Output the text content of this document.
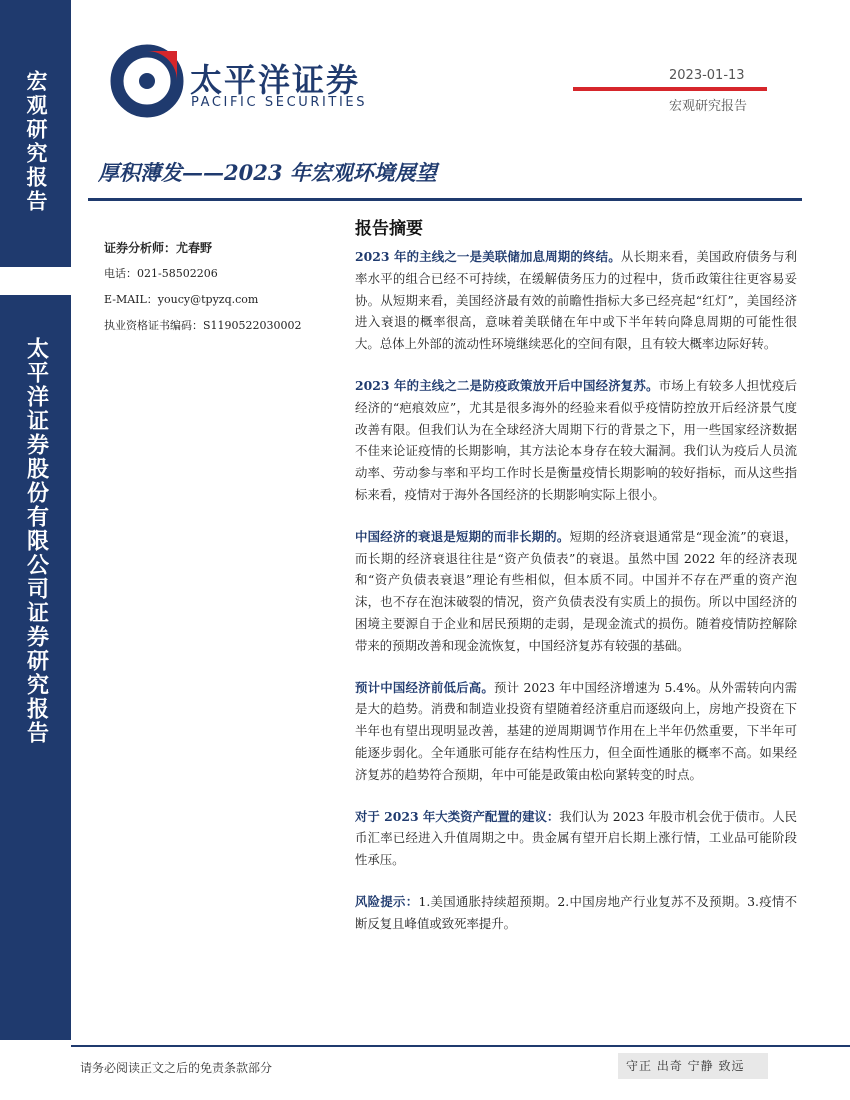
宏观研究报告
太平洋证券股份有限公司证券研究报告
太平洋证券
PACIFIC SECURITIES
2023-01-13
宏观研究报告
厚积薄发——2023 年宏观环境展望
证券分析师：尤春野
电话：021-58502206
E-MAIL：youcy@tpyzq.com
执业资格证书编码：S1190522030002
报告摘要

2023 年的主线之一是美联储加息周期的终结。从长期来看，美国政府债务与利率水平的组合已经不可持续，在缓解债务压力的过程中，货币政策往往更容易妥协。从短期来看，美国经济最有效的前瞻性指标大多已经亮起“红灯”，美国经济进入衰退的概率很高，意味着美联储在年中或下半年转向降息周期的可能性很大。总体上外部的流动性环境继续恶化的空间有限，且有较大概率边际好转。

2023 年的主线之二是防疫政策放开后中国经济复苏。市场上有较多人担忧疫后经济的“疤痕效应”，尤其是很多海外的经验来看似乎疫情防控放开后经济景气度改善有限。但我们认为在全球经济大周期下行的背景之下，用一些国家经济数据不佳来论证疫情的长期影响，其方法论本身存在较大漏洞。我们认为疫后人员流动率、劳动参与率和平均工作时长是衡量疫情长期影响的较好指标，而从这些指标来看，疫情对于海外各国经济的长期影响实际上很小。

中国经济的衰退是短期的而非长期的。短期的经济衰退通常是“现金流”的衰退，而长期的经济衰退往往是“资产负债表”的衰退。虽然中国 2022 年的经济表现和“资产负债表衰退”理论有些相似，但本质不同。中国并不存在严重的资产泡沫，也不存在泡沫破裂的情况，资产负债表没有实质上的损伤。所以中国经济的困境主要源自于企业和居民预期的走弱，是现金流式的损伤。随着疫情防控解除带来的预期改善和现金流恢复，中国经济复苏有较强的基础。

预计中国经济前低后高。预计 2023 年中国经济增速为 5.4%。从外需转向内需是大的趋势。消费和制造业投资有望随着经济重启而逐级向上，房地产投资在下半年也有望出现明显改善，基建的逆周期调节作用在上半年仍然重要，下半年可能逐步弱化。全年通胀可能存在结构性压力，但全面性通胀的概率不高。如果经济复苏的趋势符合预期，年中可能是政策由松向紧转变的时点。

对于 2023 年大类资产配置的建议：我们认为 2023 年股市机会优于债市。人民币汇率已经进入升值周期之中。贵金属有望开启长期上涨行情，工业品可能阶段性承压。

风险提示：1.美国通胀持续超预期。2.中国房地产行业复苏不及预期。3.疫情不断反复且峰值或致死率提升。

请务必阅读正文之后的免责条款部分	守正 出奇 宁静 致远
